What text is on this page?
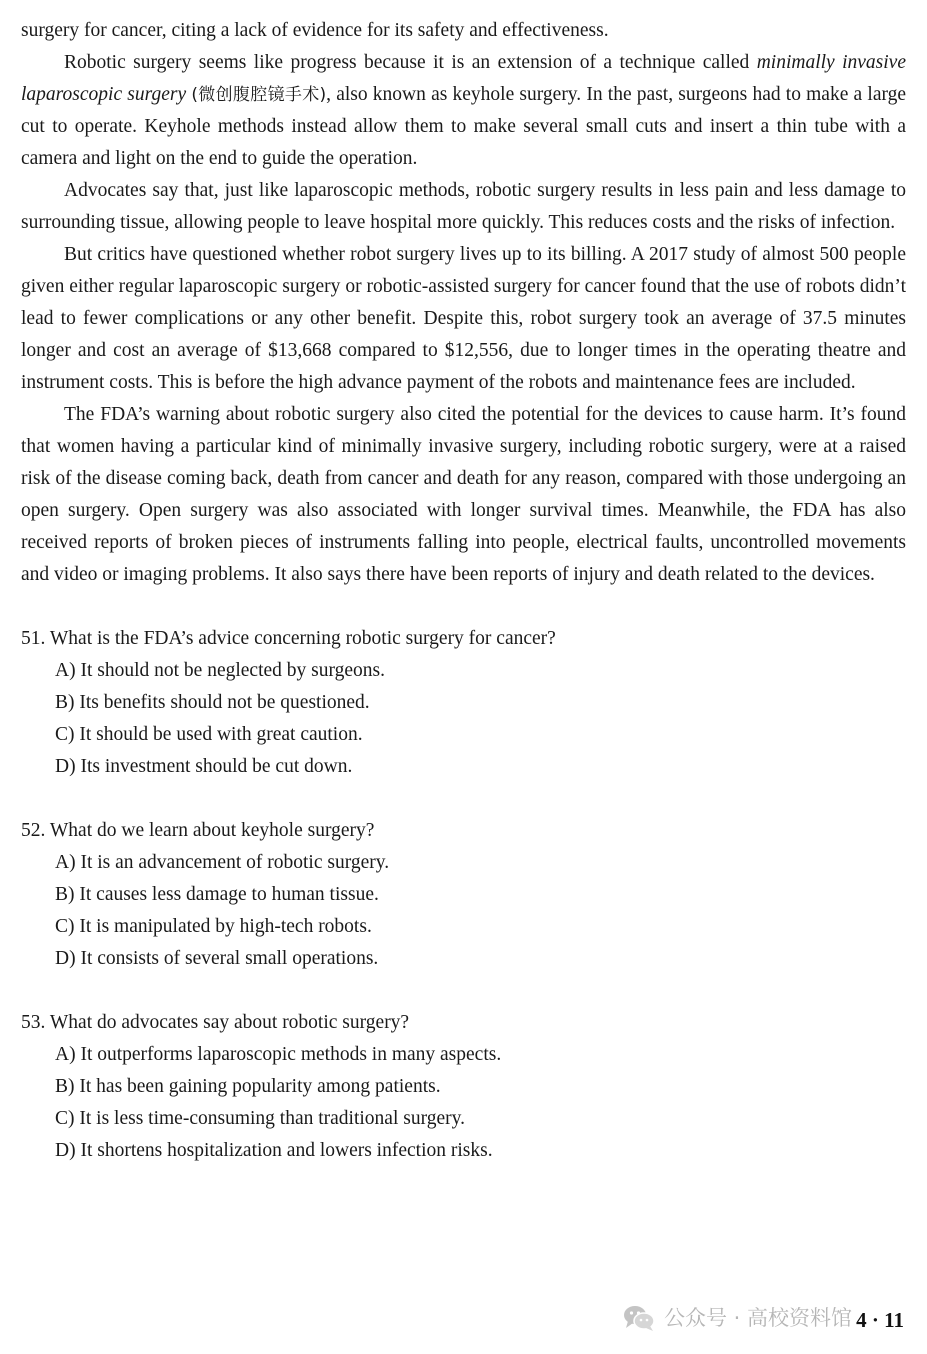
surgery for cancer, citing a lack of evidence for its safety and effectiveness.

Robotic surgery seems like progress because it is an extension of a technique called minimally invasive laparoscopic surgery (微创腹腔镜手术), also known as keyhole surgery. In the past, surgeons had to make a large cut to operate. Keyhole methods instead allow them to make several small cuts and insert a thin tube with a camera and light on the end to guide the operation.

Advocates say that, just like laparoscopic methods, robotic surgery results in less pain and less damage to surrounding tissue, allowing people to leave hospital more quickly. This reduces costs and the risks of infection.

But critics have questioned whether robot surgery lives up to its billing. A 2017 study of almost 500 people given either regular laparoscopic surgery or robotic-assisted surgery for cancer found that the use of robots didn’t lead to fewer complications or any other benefit. Despite this, robot surgery took an average of 37.5 minutes longer and cost an average of $13,668 compared to $12,556, due to longer times in the operating theatre and instrument costs. This is before the high advance payment of the robots and maintenance fees are included.

The FDA’s warning about robotic surgery also cited the potential for the devices to cause harm. It’s found that women having a particular kind of minimally invasive surgery, including robotic surgery, were at a raised risk of the disease coming back, death from cancer and death for any reason, compared with those undergoing an open surgery. Open surgery was also associated with longer survival times. Meanwhile, the FDA has also received reports of broken pieces of instruments falling into people, electrical faults, uncontrolled movements and video or imaging problems. It also says there have been reports of injury and death related to the devices.

51. What is the FDA’s advice concerning robotic surgery for cancer?

A) It should not be neglected by surgeons.

B) Its benefits should not be questioned.

C) It should be used with great caution.

D) Its investment should be cut down.

52. What do we learn about keyhole surgery?

A) It is an advancement of robotic surgery.

B) It causes less damage to human tissue.

C) It is manipulated by high-tech robots.

D) It consists of several small operations.

53. What do advocates say about robotic surgery?

A) It outperforms laparoscopic methods in many aspects.

B) It has been gaining popularity among patients.

C) It is less time-consuming than traditional surgery.

D) It shortens hospitalization and lowers infection risks.

公众号 · 高校资料馆 4 · 11
